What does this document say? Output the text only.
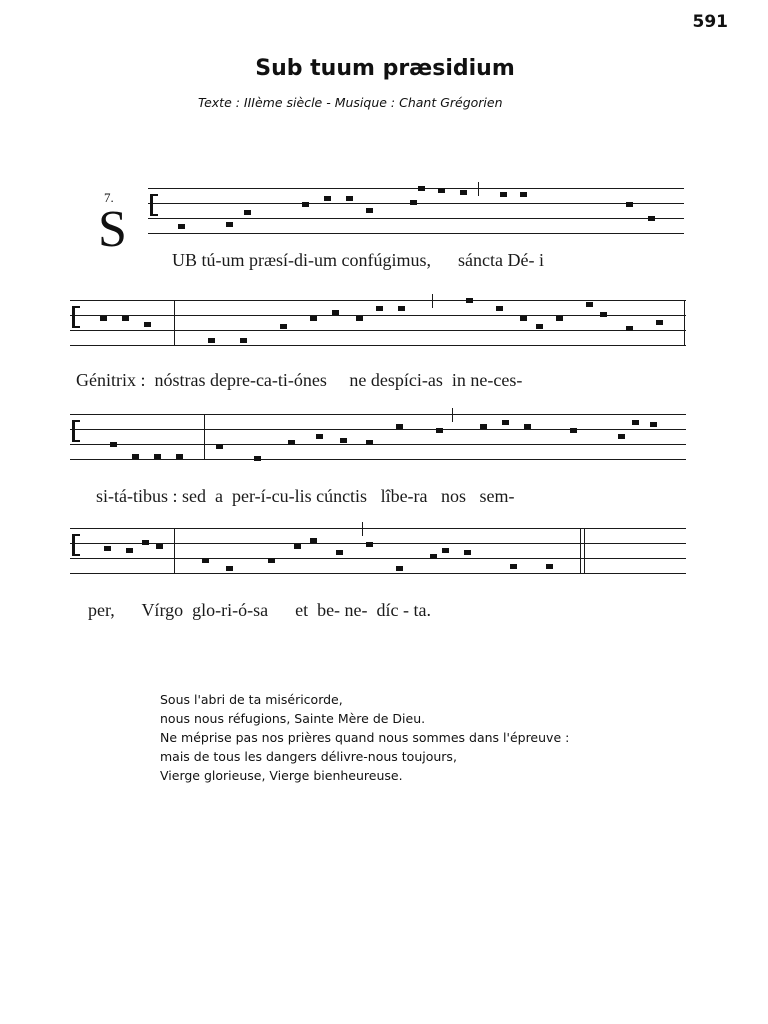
591
Sub tuum præsidium
Texte : IIIème siècle - Musique : Chant Grégorien
7.
S
UB tú-um præsí-di-um confúgimus,      sáncta Dé- i
Génitrix :  nóstras depre-ca-ti-ónes     ne despíci-as  in ne-ces-
si-tá-tibus : sed  a  per-í-cu-lis cúnctis   lîbe-ra   nos   sem-
per,      Vírgo  glo-ri-ó-sa      et  be- ne-  díc - ta.
Sous l'abri de ta miséricorde,
nous nous réfugions, Sainte Mère de Dieu.
Ne méprise pas nos prières quand nous sommes dans l'épreuve :
mais de tous les dangers délivre-nous toujours,
Vierge glorieuse, Vierge bienheureuse.
